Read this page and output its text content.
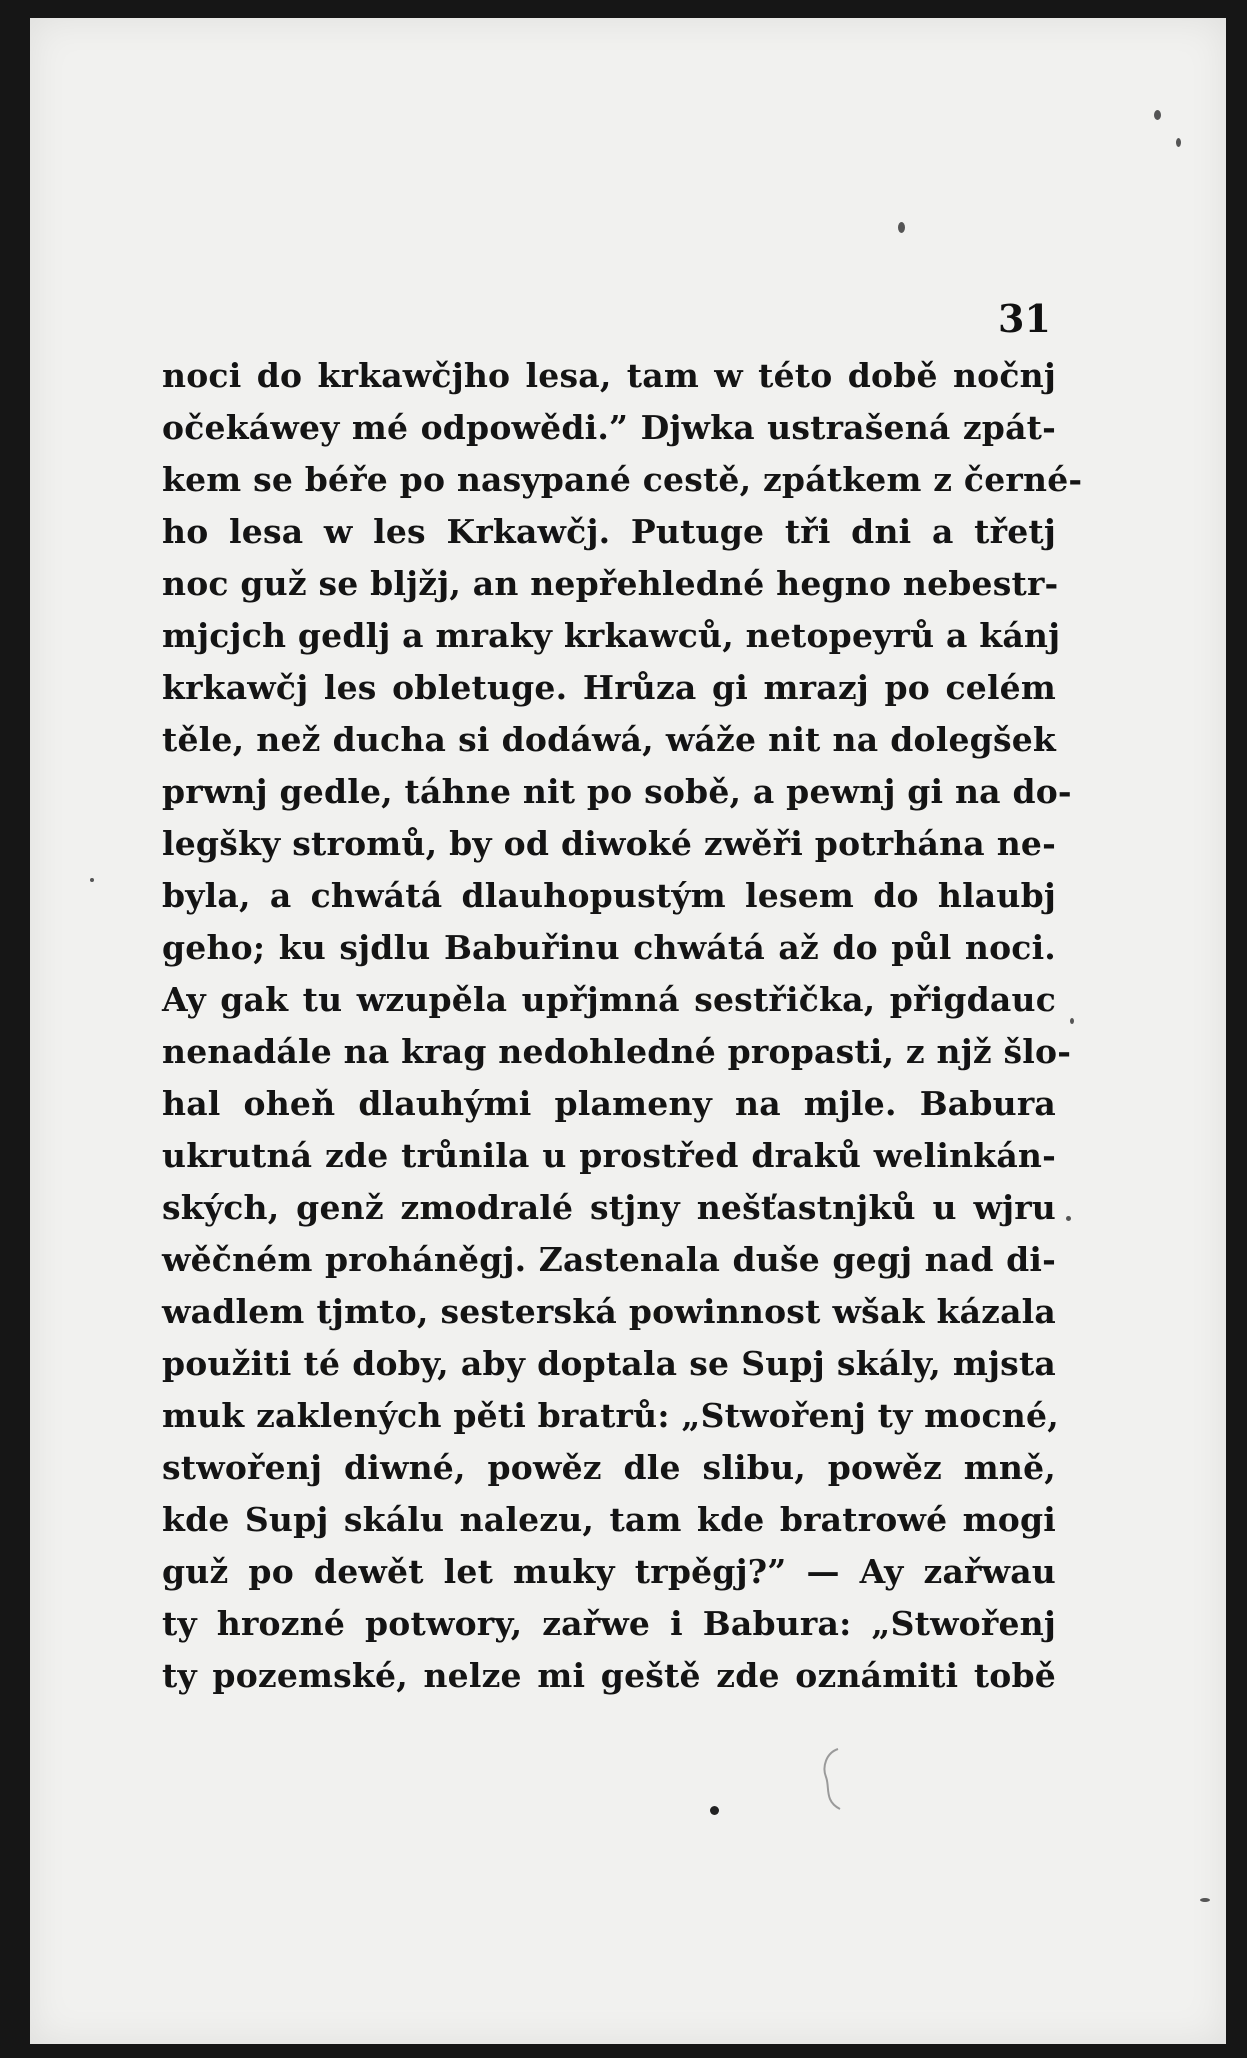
31
noci do krkawčjho lesa, tam w této době nočnj
očekáwey mé odpowědi.” Djwka ustrašená zpát-
kem se béře po nasypané cestě, zpátkem z černé-
ho lesa w les Krkawčj. Putuge tři dni a třetj
noc guž se bljžj, an nepřehledné hegno nebestr-
mjcjch gedlj a mraky krkawců, netopeyrů a kánj
krkawčj les obletuge. Hrůza gi mrazj po celém
těle, než ducha si dodáwá, wáže nit na dolegšek
prwnj gedle, táhne nit po sobě, a pewnj gi na do-
legšky stromů, by od diwoké zwěři potrhána ne-
byla, a chwátá dlauhopustým lesem do hlaubj
geho; ku sjdlu Babuřinu chwátá až do půl noci.
Ay gak tu wzupěla upřjmná sestřička, přigdauc
nenadále na krag nedohledné propasti, z njž šlo-
hal oheň dlauhými plameny na mjle. Babura
ukrutná zde trůnila u prostřed draků welinkán-
ských, genž zmodralé stjny nešťastnjků u wjru
wěčném proháněgj. Zastenala duše gegj nad di-
wadlem tjmto, sesterská powinnost wšak kázala
použiti té doby, aby doptala se Supj skály, mjsta
muk zaklených pěti bratrů: „Stwořenj ty mocné,
stwořenj diwné, powěz dle slibu, powěz mně,
kde Supj skálu nalezu, tam kde bratrowé mogi
guž po dewět let muky trpěgj?” — Ay zařwau
ty hrozné potwory, zařwe i Babura: „Stwořenj
ty pozemské, nelze mi geště zde oznámiti tobě
